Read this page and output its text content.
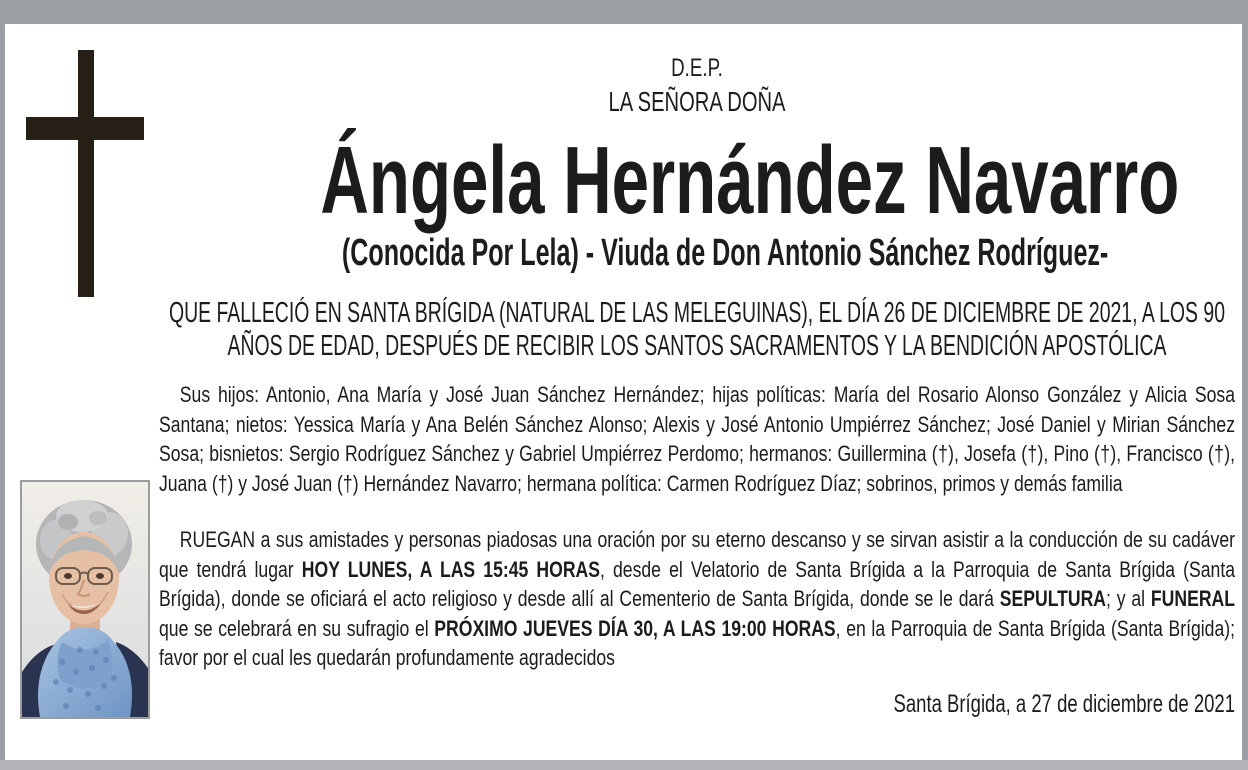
D.E.P.
LA SEÑORA DOÑA
Ángela Hernández Navarro
(Conocida Por Lela) - Viuda de Don Antonio Sánchez Rodríguez-
QUE FALLECIÓ EN SANTA BRÍGIDA (NATURAL DE LAS MELEGUINAS), EL DÍA 26 DE DICIEMBRE DE 2021, A LOS 90 AÑOS DE EDAD, DESPUÉS DE RECIBIR LOS SANTOS SACRAMENTOS Y LA BENDICIÓN APOSTÓLICA
Sus hijos: Antonio, Ana María y José Juan Sánchez Hernández; hijas políticas: María del Rosario Alonso González y Alicia Sosa Santana; nietos: Yessica María y Ana Belén Sánchez Alonso; Alexis y José Antonio Umpiérrez Sánchez; José Daniel y Mirian Sánchez Sosa; bisnietos: Sergio Rodríguez Sánchez y Gabriel Umpiérrez Perdomo; hermanos: Guillermina (†), Josefa (†), Pino (†), Francisco (†), Juana (†) y José Juan (†) Hernández Navarro; hermana política: Carmen Rodríguez Díaz; sobrinos, primos y demás familia
RUEGAN a sus amistades y personas piadosas una oración por su eterno descanso y se sirvan asistir a la conducción de su cadáver que tendrá lugar HOY LUNES, A LAS 15:45 HORAS, desde el Velatorio de Santa Brígida a la Parroquia de Santa Brígida (Santa Brígida), donde se oficiará el acto religioso y desde allí al Cementerio de Santa Brígida, donde se le dará SEPULTURA; y al FUNERAL que se celebrará en su sufragio el PRÓXIMO JUEVES DÍA 30, A LAS 19:00 HORAS, en la Parroquia de Santa Brígida (Santa Brígida); favor por el cual les quedarán profundamente agradecidos
Santa Brígida, a 27 de diciembre de 2021
